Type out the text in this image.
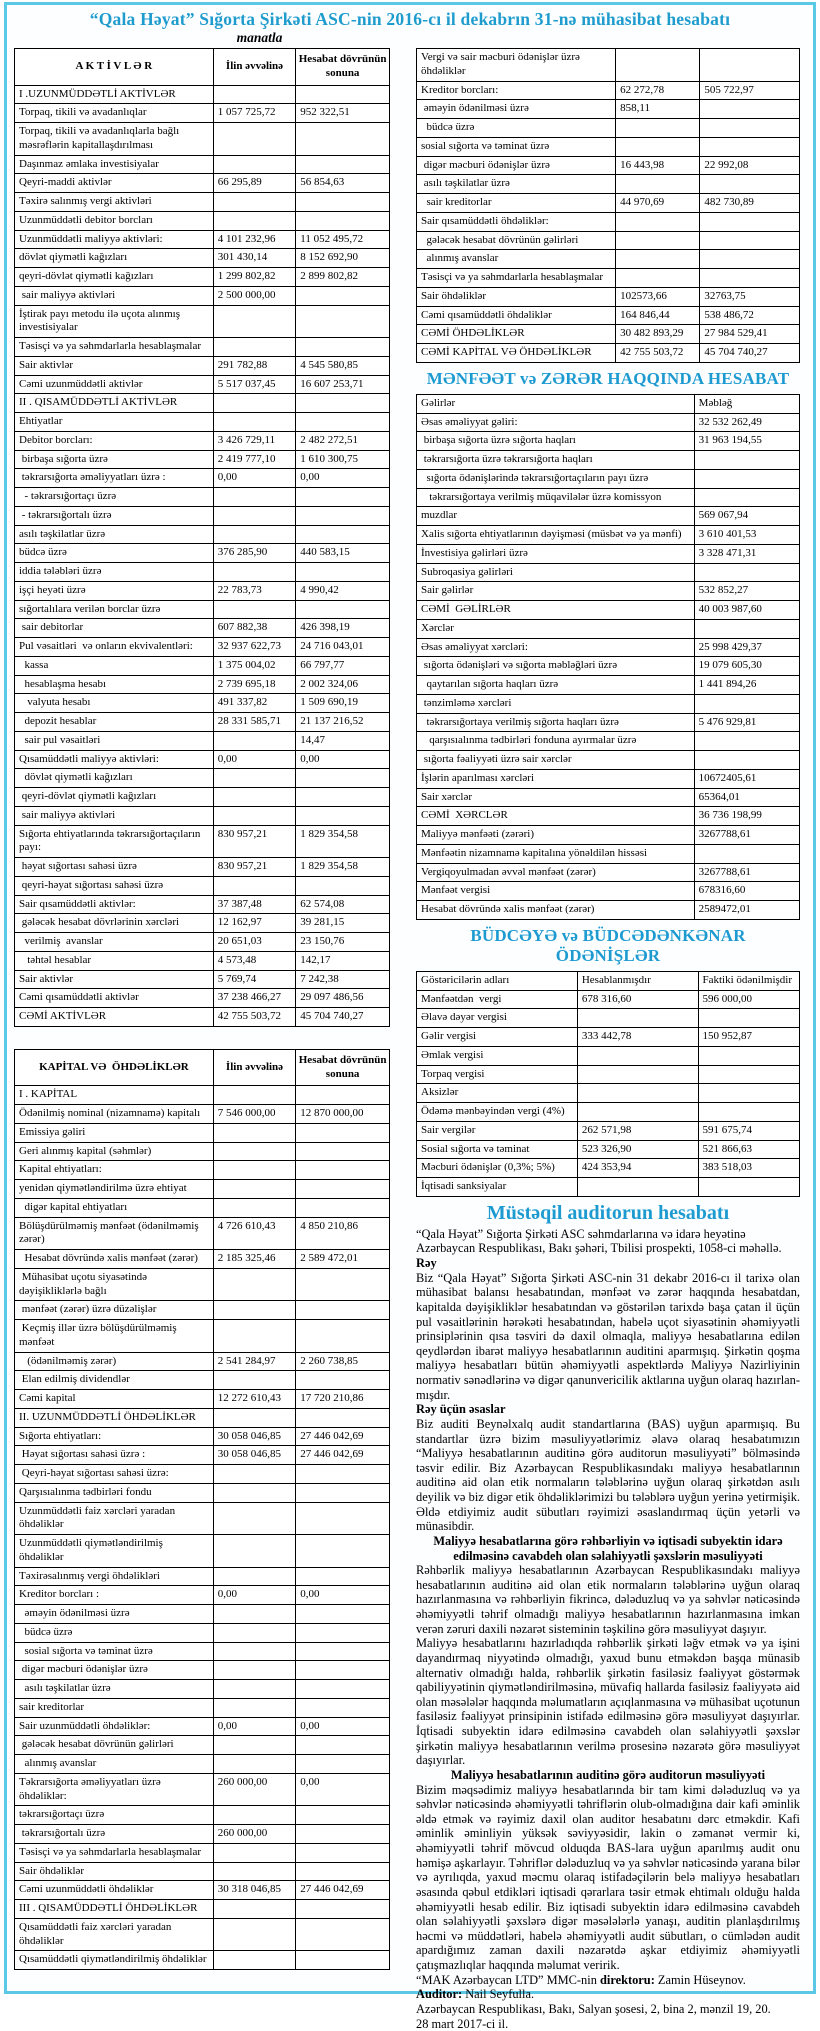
“Qala Həyat” Sığorta Şirkəti ASC-nin 2016-cı il dekabrın 31-nə mühasibat hesabatı
manatla
A K T İ V L Ə R	İlin əvvəlinə	Hesabat dövrünün sonuna
I .UZUNMÜDDƏTLİ AKTİVLƏR		
Torpaq, tikili və avadanlıqlar	1 057 725,72	952 322,51
Torpaq, tikili və avadanlıqlarla bağlı məsrəflərin kapitallaşdırılması		
Daşınmaz əmlaka investisiyalar		
Qeyri-maddi aktivlər	66 295,89	56 854,63
Təxirə salınmış vergi aktivləri		
Uzunmüddətli debitor borcları		
Uzunmüddətli maliyyə aktivləri:	4 101 232,96	11 052 495,72
dövlət qiymətli kağızları	301 430,14	8 152 692,90
qeyri-dövlət qiymətli kağızları	1 299 802,82	2 899 802,82
sair maliyyə aktivləri	2 500 000,00	
İştirak payı metodu ilə uçota alınmış investisiyalar		
Təsisçi və ya səhmdarlarla hesablaşmalar		
Sair aktivlər	291 782,88	4 545 580,85
Cəmi uzunmüddətli aktivlər	5 517 037,45	16 607 253,71
II . QISAMÜDDƏTLİ AKTİVLƏR		
Ehtiyatlar		
Debitor borcları:	3 426 729,11	2 482 272,51
birbaşa sığorta üzrə	2 419 777,10	1 610 300,75
təkrarsığorta əməliyyatları üzrə :	0,00	0,00
- təkrarsığortaçı üzrə		
- təkrarsığortalı üzrə		
asılı təşkilatlar üzrə		
büdcə üzrə	376 285,90	440 583,15
iddia tələbləri üzrə		
işçi heyəti üzrə	22 783,73	4 990,42
sığortalılara verilən borclar üzrə		
sair debitorlar	607 882,38	426 398,19
Pul vəsaitləri  və onların ekvivalentləri:	32 937 622,73	24 716 043,01
kassa	1 375 004,02	66 797,77
hesablaşma hesabı	2 739 695,18	2 002 324,06
valyuta hesabı	491 337,82	1 509 690,19
depozit hesablar	28 331 585,71	21 137 216,52
sair pul vəsaitləri		14,47
Qısamüddətli maliyyə aktivləri:	0,00	0,00
dövlət qiymətli kağızları		
qeyri-dövlət qiymətli kağızları		
sair maliyyə aktivləri		
Sığorta ehtiyatlarında təkrarsığortaçıların payı:	830 957,21	1 829 354,58
həyat sığortası sahəsi üzrə	830 957,21	1 829 354,58
qeyri-həyat sığortası sahəsi üzrə		
Sair qısamüddətli aktivlər:	37 387,48	62 574,08
gələcək hesabat dövrlərinin xərcləri	12 162,97	39 281,15
verilmiş  avanslar	20 651,03	23 150,76
təhtəl hesablar	4 573,48	142,17
Sair aktivlər	5 769,74	7 242,38
Cəmi qısamüddətli aktivlər	37 238 466,27	29 097 486,56
CƏMİ AKTİVLƏR	42 755 503,72	45 704 740,27
KAPİTAL VƏ  ÖHDƏLİKLƏR	İlin əvvəlinə	Hesabat dövrünün sonuna
I . KAPİTAL		
Ödənilmiş nominal (nizamnamə) kapitalı	7 546 000,00	12 870 000,00
Emissiya gəliri		
Geri alınmış kapital (səhmlər)		
Kapital ehtiyatları:		
yenidən qiymətləndirilmə üzrə ehtiyat		
digər kapital ehtiyatları		
Bölüşdürülməmiş mənfəət (ödənilməmiş zərər)	4 726 610,43	4 850 210,86
Hesabat dövründə xalis mənfəət (zərər)	2 185 325,46	2 589 472,01
Mühasibat uçotu siyasətində dəyişikliklərlə bağlı		
mənfəət (zərər) üzrə düzəlişlər		
Keçmiş illər üzrə bölüşdürülməmiş mənfəət		
(ödənilməmiş zərər)	2 541 284,97	2 260 738,85
Elan edilmiş dividendlər		
Cəmi kapital	12 272 610,43	17 720 210,86
II. UZUNMÜDDƏTLİ ÖHDƏLİKLƏR		
Sığorta ehtiyatları:	30 058 046,85	27 446 042,69
Həyat sığortası sahəsi üzrə :	30 058 046,85	27 446 042,69
Qeyri-həyat sığortası sahəsi üzrə:		
Qarşısıalınma tədbirləri fondu		
Uzunmüddətli faiz xərcləri yaradan öhdəliklər		
Uzunmüddətli qiymətləndirilmiş öhdəliklər		
Təxirəsalınmış vergi öhdəlikləri		
Kreditor borcları :	0,00	0,00
əməyin ödənilməsi üzrə		
büdcə üzrə		
sosial sığorta və təminat üzrə		
digər məcburi ödənişlər üzrə		
asılı təşkilatlar üzrə		
sair kreditorlar		
Sair uzunmüddətli öhdəliklər:	0,00	0,00
gələcək hesabat dövrünün gəlirləri		
alınmış avanslar		
Təkrarsığorta əməliyyatları üzrə öhdəliklər:	260 000,00	0,00
təkrarsığortaçı üzrə		
təkrarsığortalı üzrə	260 000,00	
Təsisçi və ya səhmdarlarla hesablaşmalar		
Sair öhdəliklər		
Cəmi uzunmüddətli öhdəliklər	30 318 046,85	27 446 042,69
III . QISAMÜDDƏTLİ ÖHDƏLİKLƏR		
Qısamüddətli faiz xərcləri yaradan öhdəliklər		
Qısamüddətli qiymətləndirilmiş öhdəliklər		
Vergi və sair məcburi ödənişlər üzrə öhdəliklər		
Kreditor borcları:	62 272,78	505 722,97
əməyin ödənilməsi üzrə	858,11	
büdcə üzrə		
sosial sığorta və təminat üzrə		
digər məcburi ödənişlər üzrə	16 443,98	22 992,08
asılı təşkilatlar üzrə		
sair kreditorlar	44 970,69	482 730,89
Sair qısamüddətli öhdəliklər:		
gələcək hesabat dövrünün gəlirləri		
alınmış avanslar		
Təsisçi və ya səhmdarlarla hesablaşmalar		
Sair öhdəliklər	102573,66	32763,75
Cəmi qısamüddətli öhdəliklər	164 846,44	538 486,72
CƏMİ ÖHDƏLİKLƏR	30 482 893,29	27 984 529,41
CƏMİ KAPİTAL VƏ ÖHDƏLİKLƏR	42 755 503,72	45 704 740,27
MƏNFƏƏT və ZƏRƏR HAQQINDA HESABAT
Gəlirlər	Məbləğ
Əsas əməliyyat gəliri:	32 532 262,49
birbaşa sığorta üzrə sığorta haqları	31 963 194,55
təkrarsığorta üzrə təkrarsığorta haqları	
sığorta ödənişlərində təkrarsığortaçıların payı üzrə	
təkrarsığortaya verilmiş müqavilələr üzrə komissyon	
muzdlar	569 067,94
Xalis sığorta ehtiyatlarının dəyişməsi (müsbət və ya mənfi)	3 610 401,53
İnvestisiya gəlirləri üzrə	3 328 471,31
Subroqasiya gəlirləri	
Sair gəlirlər	532 852,27
CƏMİ  GƏLİRLƏR	40 003 987,60
Xərclər	
Əsas əməliyyat xərcləri:	25 998 429,37
sığorta ödənişləri və sığorta məbləğləri üzrə	19 079 605,30
qaytarılan sığorta haqları üzrə	1 441 894,26
tənzimləmə xərcləri	
təkrarsığortaya verilmiş sığorta haqları üzrə	5 476 929,81
qarşısıalınma tədbirləri fonduna ayırmalar üzrə	
sığorta fəaliyyəti üzrə sair xərclər	
İşlərin aparılması xərcləri	10672405,61
Sair xərclər	65364,01
CƏMİ  XƏRCLƏR	36 736 198,99
Maliyyə mənfəəti (zərəri)	3267788,61
Mənfəətin nizamnamə kapitalına yönəldilən hissəsi	
Vergiqoyulmadan əvvəl mənfəət (zərər)	3267788,61
Mənfəət vergisi	678316,60
Hesabat dövründə xalis mənfəət (zərər)	2589472,01
BÜDCƏYƏ və BÜDCƏDƏNKƏNAR ÖDƏNİŞLƏR
Göstəricilərin adları	Hesablanmışdır	Faktiki ödənilmişdir
Mənfəətdən  vergi	678 316,60	596 000,00
Əlavə dəyər vergisi		
Gəlir vergisi	333 442,78	150 952,87
Əmlak vergisi		
Torpaq vergisi		
Aksizlər		
Ödəmə mənbəyindən vergi (4%)		
Sair vergilər	262 571,98	591 675,74
Sosial sığorta və təminat	523 326,90	521 866,63
Məcburi ödənişlər (0,3%; 5%)	424 353,94	383 518,03
İqtisadi sanksiyalar		
Müstəqil auditorun hesabatı

“Qala Həyat” Sığorta Şirkəti ASC səhmdarlarına və idarə heyətinə

Azərbaycan Respublikası, Bakı şəhəri, Tbilisi prospekti, 1058-ci məhəllə.

Rəy

Biz “Qala Həyat” Sığorta Şirkəti ASC-nin 31 dekabr 2016-cı il tarixə olan mühasibat balansı hesabatından, mənfəət və zərər haqqında hesabatdan, kapitalda dəyişikliklər hesabatından və göstərilən tarixdə başa çatan il üçün pul vəsaitlərinin hərəkəti hesabatından, habelə uçot siyasətinin əhəmiyyətli prinsiplərinin qısa təsviri də daxil olmaqla, maliyyə hesabatlarına edilən qeydlərdən ibarət maliyyə hesabatlarının auditini aparmışıq. Şirkətin qoşma maliyyə hesabatları bütün əhəmiyyətli aspektlərdə Maliyyə Nazirliyinin normativ sənədlərinə və digər qanunvericilik aktlarına uyğun olaraq hazırlan- mışdır.

Rəy üçün əsaslar

Biz auditi Beynəlxalq audit standartlarına (BAS) uyğun aparmışıq. Bu standartlar üzrə bizim məsuliyyətlərimiz əlavə olaraq hesabatımızın “Maliyyə hesabatlarının auditinə görə auditorun məsuliyyəti” bölməsində təsvir edilir. Biz Azərbaycan Respublikasındakı maliyyə hesabatlarının auditinə aid olan etik normaların tələblərinə uyğun olaraq şirkətdən asılı deyilik və biz digər etik öhdəliklərimizi bu tələblərə uyğun yerinə yetirmişik. Əldə etdiyimiz audit sübutları rəyimizi əsaslandırmaq üçün yetərli və münasibdir.

Maliyyə hesabatlarına görə rəhbərliyin və iqtisadi subyektin idarə edilməsinə cavabdeh olan səlahiyyətli şəxslərin məsuliyyəti

Rəhbərlik maliyyə hesabatlarının Azərbaycan Respublikasındakı maliyyə hesabatlarının auditinə aid olan etik normaların tələblərinə uyğun olaraq hazırlanmasına və rəhbərliyin fikrincə, dələduzluq və ya səhvlər nəticəsində əhəmiyyətli təhrif olmadığı maliyyə hesabatlarının hazırlanmasına imkan verən zəruri daxili nəzarət sisteminin təşkilinə görə məsuliyyət daşıyır.

Maliyyə hesabatlarını hazırladıqda rəhbərlik şirkəti ləğv etmək və ya işini dayandırmaq niyyətində olmadığı, yaxud bunu etməkdən başqa münasib alternativ olmadığı halda, rəhbərlik şirkətin fasiləsiz fəaliyyət göstərmək qabiliyyətinin qiymətləndirilməsinə, müvafiq hallarda fasiləsiz fəaliyyətə aid olan məsələlər haqqında məlumatların açıqlanmasına və mühasibat uçotunun fasiləsiz fəaliyyət prinsipinin istifadə edilməsinə görə məsuliyyət daşıyırlar. İqtisadi subyektin idarə edilməsinə cavabdeh olan səlahiyyətli şəxslər şirkətin maliyyə hesabatlarının verilmə prosesinə nəzarətə görə məsuliyyət daşıyırlar.

Maliyyə hesabatlarının auditinə görə auditorun məsuliyyəti

Bizim məqsədimiz maliyyə hesabatlarında bir tam kimi dələduzluq və ya səhvlər nəticəsində əhəmiyyətli təhriflərin olub-olmadığına dair kafi əminlik əldə etmək və rəyimiz daxil olan auditor hesabatını dərc etməkdir. Kafi əminlik əminliyin yüksək səviyyəsidir, lakin o zəmanət vermir ki, əhəmiyyətli təhrif mövcud olduqda BAS-lara uyğun aparılmış audit onu həmişə aşkarlayır. Təhriflər dələduzluq və ya səhvlər nəticəsində yarana bilər və ayrılıqda, yaxud məcmu olaraq istifadəçilərin belə maliyyə hesabatları əsasında qəbul etdikləri iqtisadi qərarlara təsir etmək ehtimalı olduğu halda əhəmiyyətli hesab edilir. Biz iqtisadi subyektin idarə edilməsinə cavabdeh olan səlahiyyətli şəxslərə digər məsələlərlə yanaşı, auditin planlaşdırılmış həcmi və müddətləri, habelə əhəmiyyətli audit sübutları, o cümlədən audit apardığımız zaman daxili nəzarətdə aşkar etdiyimiz əhəmiyyətli çatışmazlıqlar haqqında məlumat veririk.

“MAK Azərbaycan LTD” MMC-nin direktoru: Zamin Hüseynov.

Auditor: Nail Seyfulla.

Azərbaycan Respublikası, Bakı, Salyan şosesi, 2, bina 2, mənzil 19, 20.

28 mart 2017-ci il.
